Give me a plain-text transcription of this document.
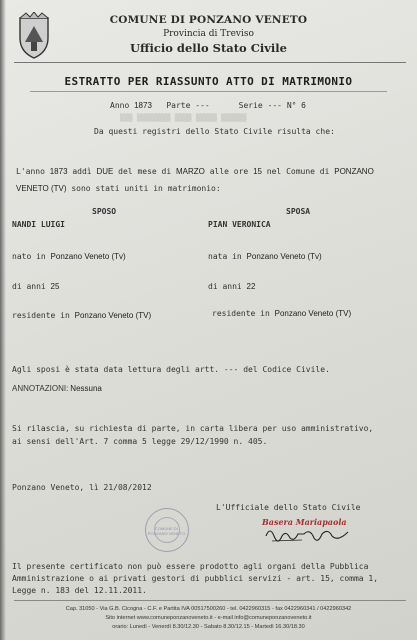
COMUNE DI PONZANO VENETO
Provincia di Treviso
Ufficio dello Stato Civile
ESTRATTO PER RIASSUNTO ATTO DI MATRIMONIO
Anno 1873 Parte ---	Serie --- N° 6
Da questi registri dello Stato Civile risulta che:
▒▒▒ ▒▒▒▒▒▒▒▒ ▒▒▒▒ ▒▒▒▒▒ ▒▒▒▒▒▒
L'anno 1873 addì DUE del mese di MARZO alle ore 15 nel Comune di PONZANO
VENETO (TV) sono stati uniti in matrimonio:
SPOSO	SPOSA
NANDI LUIGI	PIAN VERONICA
nato in Ponzano Veneto (Tv)	nata in Ponzano Veneto (Tv)
di anni 25	di anni 22
residente in Ponzano Veneto (TV)	residente in Ponzano Veneto (TV)
Agli sposi è stata data lettura degli artt. --- del Codice Civile.
ANNOTAZIONI: Nessuna
Si rilascia, su richiesta di parte, in carta libera per uso amministrativo,
ai sensi dell'Art. 7 comma 5 legge 29/12/1990 n. 405.
Ponzano Veneto, lì 21/08/2012
L'Ufficiale dello Stato Civile
COMUNE DI PONZANO VENETO
Basera Mariapaola
Il presente certificato non può essere prodotto agli organi della Pubblica
Amministrazione o ai privati gestori di pubblici servizi - art. 15, comma 1,
Legge n. 183 del 12.11.2011.
Cap. 31050 - Via G.B. Cicogna - C.F. e Partita IVA 00517500260 - tel. 0422960315 - fax 0422960341 / 0422960342
Sito internet www.comuneponzanoveneto.it - e-mail info@comuneponzanoveneto.it
orario: Lunedì - Venerdì 8.30/12.30 - Sabato 8.30/12.15 - Martedì 16.30/18.30
